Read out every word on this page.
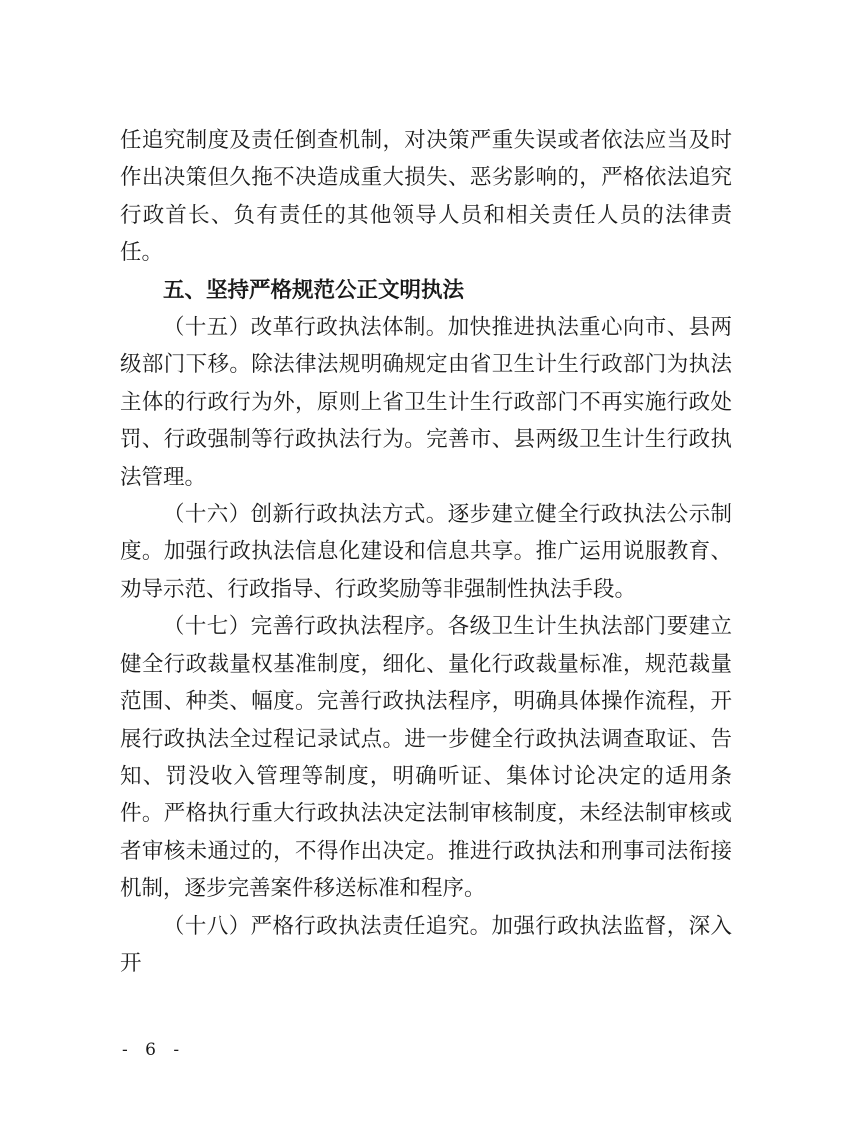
任追究制度及责任倒查机制，对决策严重失误或者依法应当及时作出决策但久拖不决造成重大损失、恶劣影响的，严格依法追究行政首长、负有责任的其他领导人员和相关责任人员的法律责任。

五、坚持严格规范公正文明执法

（十五）改革行政执法体制。加快推进执法重心向市、县两级部门下移。除法律法规明确规定由省卫生计生行政部门为执法主体的行政行为外，原则上省卫生计生行政部门不再实施行政处罚、行政强制等行政执法行为。完善市、县两级卫生计生行政执法管理。

（十六）创新行政执法方式。逐步建立健全行政执法公示制度。加强行政执法信息化建设和信息共享。推广运用说服教育、劝导示范、行政指导、行政奖励等非强制性执法手段。

（十七）完善行政执法程序。各级卫生计生执法部门要建立健全行政裁量权基准制度，细化、量化行政裁量标准，规范裁量范围、种类、幅度。完善行政执法程序，明确具体操作流程，开展行政执法全过程记录试点。进一步健全行政执法调查取证、告知、罚没收入管理等制度，明确听证、集体讨论决定的适用条件。严格执行重大行政执法决定法制审核制度，未经法制审核或者审核未通过的，不得作出决定。推进行政执法和刑事司法衔接机制，逐步完善案件移送标准和程序。

（十八）严格行政执法责任追究。加强行政执法监督，深入开

- 6 -
